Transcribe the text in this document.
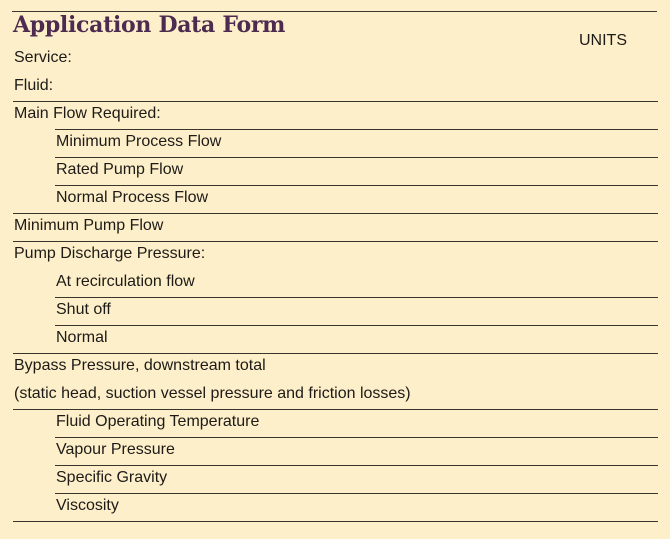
Application Data Form
UNITS
Service:
Fluid:
Main Flow Required:
Minimum Process Flow
Rated Pump Flow
Normal Process Flow
Minimum Pump Flow
Pump Discharge Pressure:
At recirculation flow
Shut off
Normal
Bypass Pressure, downstream total
(static head, suction vessel pressure and friction losses)
Fluid Operating Temperature
Vapour Pressure
Specific Gravity
Viscosity
